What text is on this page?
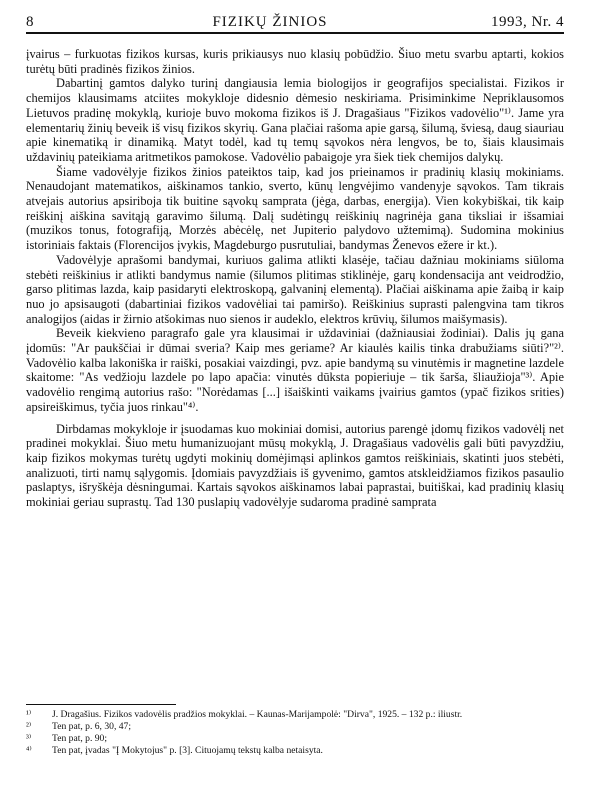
8	FIZIKŲ ŽINIOS	1993, Nr. 4

įvairus – furkuotas fizikos kursas, kuris prikiausys nuo klasių pobūdžio. Šiuo metu svarbu aptarti, kokios turėtų būti pradinės fizikos žinios.

Dabartinį gamtos dalyko turinį dangiausia lemia biologijos ir geografijos specialistai. Fizikos ir chemijos klausimams atciites mokykloje didesnio dėmesio neskiriama. Prisiminkime Nepriklausomos Lietuvos pradinę mokyklą, kurioje buvo mokoma fizikos iš J. Dragašiaus "Fizikos vadovėlio"¹⁾. Jame yra elementarių žinių beveik iš visų fizikos skyrių. Gana plačiai rašoma apie garsą, šilumą, šviesą, daug siauriau apie kinematiką ir dinamiką. Matyt todėl, kad tų temų sąvokos nėra lengvos, be to, šiais klausimais uždavinių pateikiama aritmetikos pamokose. Vadovėlio pabaigoje yra šiek tiek chemijos dalykų.

Šiame vadovėlyje fizikos žinios pateiktos taip, kad jos prieinamos ir pradinių klasių mokiniams. Nenaudojant matematikos, aiškinamos tankio, sverto, kūnų lengvėjimo vandenyje sąvokos. Tam tikrais atvejais autorius apsiriboja tik buitine sąvokų samprata (jėga, darbas, energija). Vien kokybiškai, tik kaip reiškinį aiškina savitąją garavimo šilumą. Dalį sudėtingų reiškinių nagrinėja gana tiksliai ir išsamiai (muzikos tonus, fotografiją, Morzės abėcėlę, net Jupiterio palydovo užtemimą). Sudomina mokinius istoriniais faktais (Florencijos įvykis, Magdeburgo pusrutuliai, bandymas Ženevos ežere ir kt.).

Vadovėlyje aprašomi bandymai, kuriuos galima atlikti klasėje, tačiau dažniau mokiniams siūloma stebėti reiškinius ir atlikti bandymus namie (šilumos plitimas stiklinėje, garų kondensacija ant veidrodžio, garso plitimas lazda, kaip pasidaryti elektroskopą, galvaninį elementą). Plačiai aiškinama apie žaibą ir kaip nuo jo apsisaugoti (dabartiniai fizikos vadovėliai tai pamiršo). Reiškinius suprasti palengvina tam tikros analogijos (aidas ir žirnio atšokimas nuo sienos ir audeklo, elektros krūvių, šilumos maišymasis).

Beveik kiekvieno paragrafo gale yra klausimai ir uždaviniai (dažniausiai žodiniai). Dalis jų gana įdomūs: "Ar paukščiai ir dūmai sveria? Kaip mes geriame? Ar kiaulės kailis tinka drabužiams siūti?"²⁾. Vadovėlio kalba lakoniška ir raiški, posakiai vaizdingi, pvz. apie bandymą su vinutėmis ir magnetine lazdele skaitome: "As vedžioju lazdele po lapo apačia: vinutės dūksta popieriuje – tik šarša, šliaužioja"³⁾. Apie vadovėlio rengimą autorius rašo: "Norėdamas [...] išaiškinti vaikams įvairius gamtos (ypač fizikos srities) apsireiškimus, tyčia juos rinkau"⁴⁾.

Dirbdamas mokykloje ir įsuodamas kuo mokiniai domisi, autorius parengė įdomų fizikos vadovėlį net pradinei mokyklai. Šiuo metu humanizuojant mūsų mokyklą, J. Dragašiaus vadovėlis gali būti pavyzdžiu, kaip fizikos mokymas turėtų ugdyti mokinių domėjimąsi aplinkos gamtos reiškiniais, skatinti juos stebėti, analizuoti, tirti namų sąlygomis. Įdomiais pavyzdžiais iš gyvenimo, gamtos atskleidžiamos fizikos pasaulio paslaptys, išryškėja dėsningumai. Kartais sąvokos aiškinamos labai paprastai, buitiškai, kad pradinių klasių mokiniai geriau suprastų. Tad 130 puslapių vadovėlyje sudaroma pradinė samprata

¹⁾	J. Dragašius. Fizikos vadovėlis pradžios mokyklai. – Kaunas-Marijampolė: "Dirva", 1925. – 132 p.: iliustr.
²⁾	Ten pat, p. 6, 30, 47;
³⁾	Ten pat, p. 90;
⁴⁾	Ten pat, įvadas "Į Mokytojus" p. [3]. Cituojamų tekstų kalba netaisyta.
